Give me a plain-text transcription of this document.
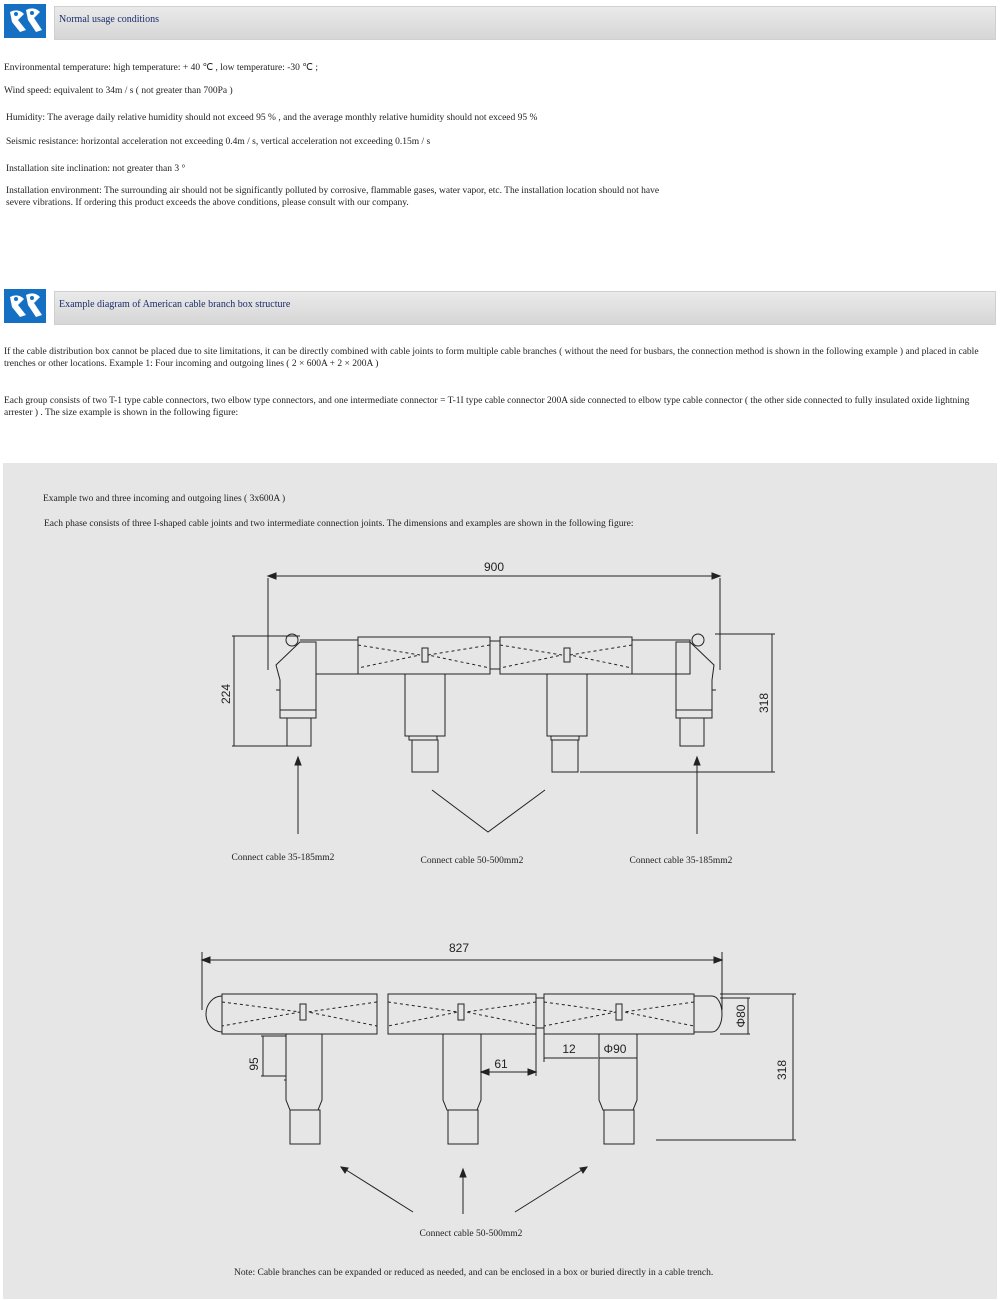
Normal usage conditions

Environmental temperature: high temperature: + 40 ℃ , low temperature: -30 ℃ ;

Wind speed: equivalent to 34m / s ( not greater than 700Pa )

Humidity: The average daily relative humidity should not exceed 95 % , and the average monthly relative humidity should not exceed 95 %

Seismic resistance: horizontal acceleration not exceeding 0.4m / s, vertical acceleration not exceeding 0.15m / s

Installation site inclination: not greater than 3 °

Installation environment: The surrounding air should not be significantly polluted by corrosive, flammable gases, water vapor, etc. The installation location should not have severe vibrations. If ordering this product exceeds the above conditions, please consult with our company.

Example diagram of American cable branch box structure

If the cable distribution box cannot be placed due to site limitations, it can be directly combined with cable joints to form multiple cable branches ( without the need for busbars, the connection method is shown in the following example ) and placed in cable trenches or other locations. Example 1: Four incoming and outgoing lines ( 2 × 600A + 2 × 200A )

Each group consists of two T-1 type cable connectors, two elbow type connectors, and one intermediate connector = T-1I type cable connector 200A side connected to elbow type cable connector ( the other side connected to fully insulated oxide lightning arrester ) . The size example is shown in the following figure:

Example two and three incoming and outgoing lines ( 3x600A )

Each phase consists of three I-shaped cable joints and two intermediate connection joints. The dimensions and examples are shown in the following figure:

900
224	318
Connect cable 35-185mm2	Connect cable 50-500mm2	Connect cable 35-185mm2
827
95	61
12 Φ90
Φ80
318
Connect cable 50-500mm2

Note: Cable branches can be expanded or reduced as needed, and can be enclosed in a box or buried directly in a cable trench.
